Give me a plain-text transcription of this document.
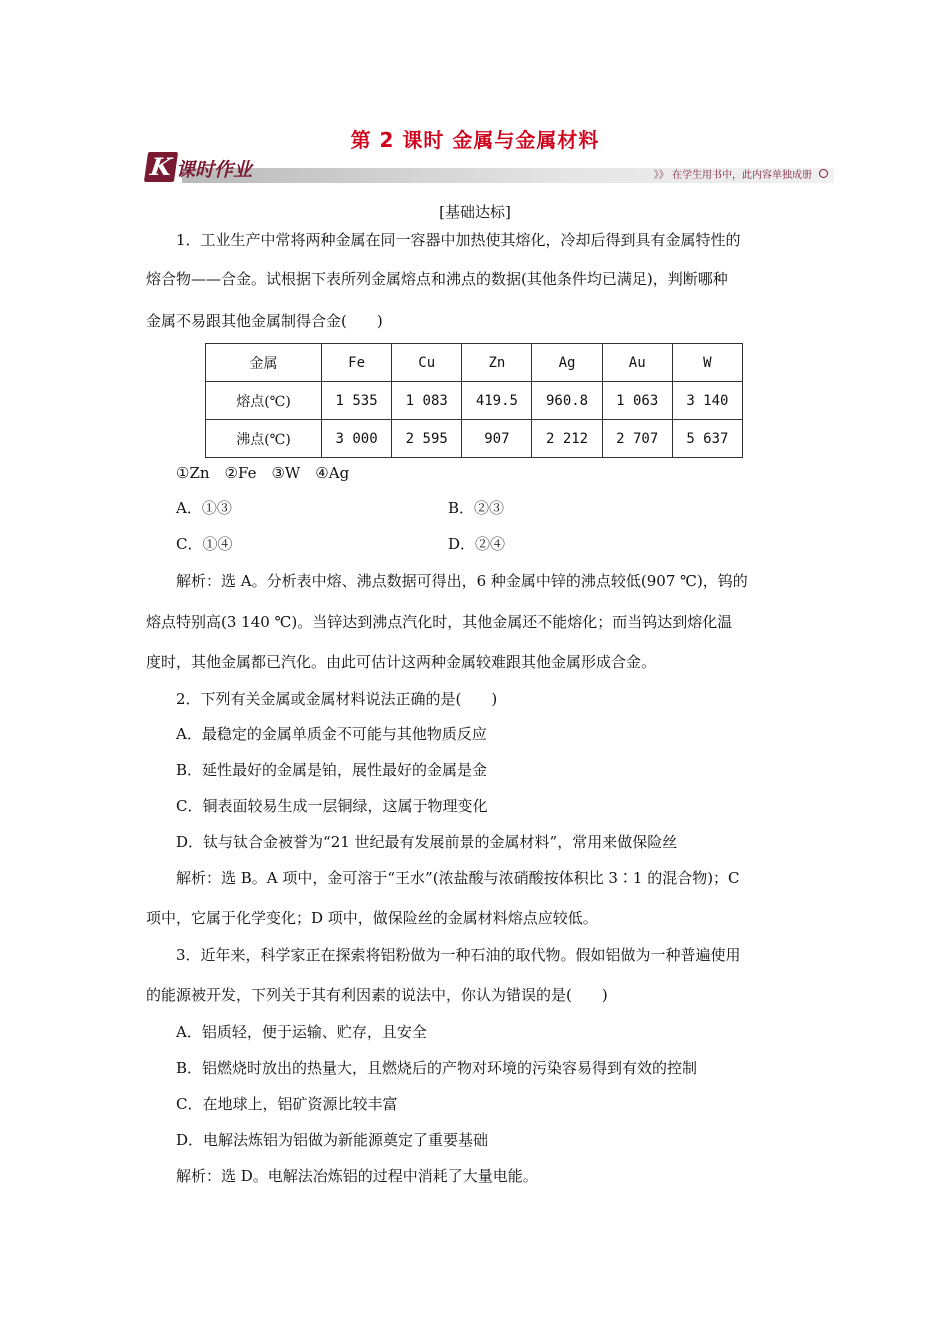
第 2 课时 金属与金属材料
K 课时作业	》》 在学生用书中，此内容单独成册
[基础达标]
1．工业生产中常将两种金属在同一容器中加热使其熔化，冷却后得到具有金属特性的
熔合物——合金。试根据下表所列金属熔点和沸点的数据(其他条件均已满足)，判断哪种
金属不易跟其他金属制得合金(　　)
金属	Fe	Cu	Zn	Ag	Au	W
熔点(℃)	1 535	1 083	419.5	960.8	1 063	3 140
沸点(℃)	3 000	2 595	907	2 212	2 707	5 637
①Zn　②Fe　③W　④Ag
A．①③	B．②③
C．①④	D．②④
解析：选 A。分析表中熔、沸点数据可得出，6 种金属中锌的沸点较低(907 ℃)，钨的
熔点特别高(3 140 ℃)。当锌达到沸点汽化时，其他金属还不能熔化；而当钨达到熔化温
度时，其他金属都已汽化。由此可估计这两种金属较难跟其他金属形成合金。
2．下列有关金属或金属材料说法正确的是(　　)
A．最稳定的金属单质金不可能与其他物质反应
B．延性最好的金属是铂，展性最好的金属是金
C．铜表面较易生成一层铜绿，这属于物理变化
D．钛与钛合金被誉为“21 世纪最有发展前景的金属材料”，常用来做保险丝
解析：选 B。A 项中，金可溶于“王水”(浓盐酸与浓硝酸按体积比 3∶1 的混合物)；C
项中，它属于化学变化；D 项中，做保险丝的金属材料熔点应较低。
3．近年来，科学家正在探索将铝粉做为一种石油的取代物。假如铝做为一种普遍使用
的能源被开发，下列关于其有利因素的说法中，你认为错误的是(　　)
A．铝质轻，便于运输、贮存，且安全
B．铝燃烧时放出的热量大，且燃烧后的产物对环境的污染容易得到有效的控制
C．在地球上，铝矿资源比较丰富
D．电解法炼铝为铝做为新能源奠定了重要基础
解析：选 D。电解法冶炼铝的过程中消耗了大量电能。
